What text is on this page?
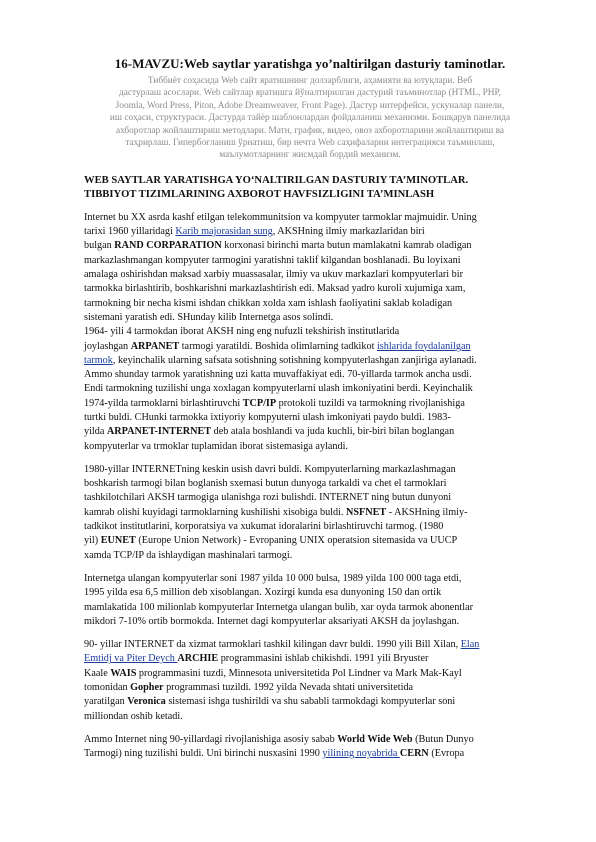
16-MAVZU:Web saytlar yaratishga yo’naltirilgan dasturiy taminotlar.
Тиббиёт соҳасида Web сайт яратишнинг долзарблиги, аҳамияти ва ютуқлари. Веб
дастурлаш асослари. Web сайтлар яратишга йўналтирилган дастурий таъминотлар (HTML, PHP,
Joomla, Word Press, Piton, Adobe Dreamweaver, Front Page). Дастур интерфейси, ускуналар панели,
иш соҳаси, структураси. Дастурда тайёр шаблонлардан фойдаланиш механизми. Бошқарув панелида
ахборотлар жойлаштириш методлари. Матн, график, видео, овоз ахборотларини жойлаштириш ва
таҳрирлаш. Гипербоғланиш ўрнатиш, бир нечта Web саҳифаларни интеграцияси таъминлаш,
маълумотларнинг жисмдай бордий механизм.
WEB SAYTLAR YARATISHGA YO‘NALTIRILGAN DASTURIY TA’MINOTLAR.
TIBBIYOT TIZIMLARINING AXBOROT HAVFSIZLIGINI TA’MINLASH
Internet bu XX asrda kashf etilgan telekommunitsion va kompyuter tarmoklar majmuidir. Uning
tarixi 1960 yillaridagi Karib majorasidan sung, AKSHning ilmiy markazlaridan biri
bulgan RAND CORPARATION korxonasi birinchi marta butun mamlakatni kamrab oladigan
markazlashmangan kompyuter tarmogini yaratishni taklif kilgandan boshlanadi. Bu loyixani
amalaga oshirishdan maksad xarbiy muassasalar, ilmiy va ukuv markazlari kompyuterlari bir
tarmokka birlashtirib, boshkarishni markazlashtirish edi. Maksad yadro kuroli xujumiga xam,
tarmokning bir necha kismi ishdan chikkan xolda xam ishlash faoliyatini saklab koladigan
sistemani yaratish edi. SHunday kilib Internetga asos solindi.
1964- yili 4 tarmokdan iborat AKSH ning eng nufuzli tekshirish institutlarida
joylashgan ARPANET tarmogi yaratildi. Boshida olimlarning tadkikot ishlarida foydalanilgan
tarmok, keyinchalik ularning safsata sotishning sotishning kompyuterlashgan zanjiriga aylanadi.
Ammo shunday tarmok yaratishning uzi katta muvaffakiyat edi. 70-yillarda tarmok ancha usdi.
Endi tarmokning tuzilishi unga xoxlagan kompyuterlarni ulash imkoniyatini berdi. Keyinchalik
1974-yilda tarmoklarni birlashtiruvchi TCP/IP protokoli tuzildi va tarmokning rivojlanishiga
turtki buldi. CHunki tarmokka ixtiyoriy kompyuterni ulash imkoniyati paydo buldi. 1983-
yilda ARPANET-INTERNET deb atala boshlandi va juda kuchli, bir-biri bilan boglangan
kompyuterlar va trmoklar tuplamidan iborat sistemasiga aylandi.
1980-yillar INTERNETning keskin usish davri buldi. Kompyuterlarning markazlashmagan
boshkarish tarmogi bilan boglanish sxemasi butun dunyoga tarkaldi va chet el tarmoklari
tashkilotchilari AKSH tarmogiga ulanishga rozi bulishdi. INTERNET ning butun dunyoni
kamrab olishi kuyidagi tarmoklarning kushilishi xisobiga buldi. NSFNET - AKSHning ilmiy-
tadkikot institutlarini, korporatsiya va xukumat idoralarini birlashtiruvchi tarmog. (1980
yil) EUNET (Europe Union Network) - Evropaning UNIX operatsion sitemasida va UUCP
xamda TCP/IP da ishlaydigan mashinalari tarmogi.
Internetga ulangan kompyuterlar soni 1987 yilda 10 000 bulsa, 1989 yilda 100 000 taga etdi,
1995 yilda esa 6,5 million deb xisoblangan. Xozirgi kunda esa dunyoning 150 dan ortik
mamlakatida 100 milionlab kompyuterlar Internetga ulangan bulib, xar oyda tarmok abonentlar
mikdori 7-10% ortib bormokda. Internet dagi kompyuterlar aksariyati AKSH da joylashgan.
90- yillar INTERNET da xizmat tarmoklari tashkil kilingan davr buldi. 1990 yili Bill Xilan, Elan
Emtidj va Piter Deych ARCHIE programmasini ishlab chikishdi. 1991 yili Bryuster
Kaale WAIS programmasini tuzdi, Minnesota universitetida Pol Lindner va Mark Mak-Kayl
tomonidan Gopher programmasi tuzildi. 1992 yilda Nevada shtati universitetida
yaratilgan Veronica sistemasi ishga tushirildi va shu sababli tarmokdagi kompyuterlar soni
milliondan oshib ketadi.
Ammo Internet ning 90-yillardagi rivojlanishiga asosiy sabab World Wide Web (Butun Dunyo
Tarmogi) ning tuzilishi buldi. Uni birinchi nusxasini 1990 yilining noyabrida CERN (Evropa
